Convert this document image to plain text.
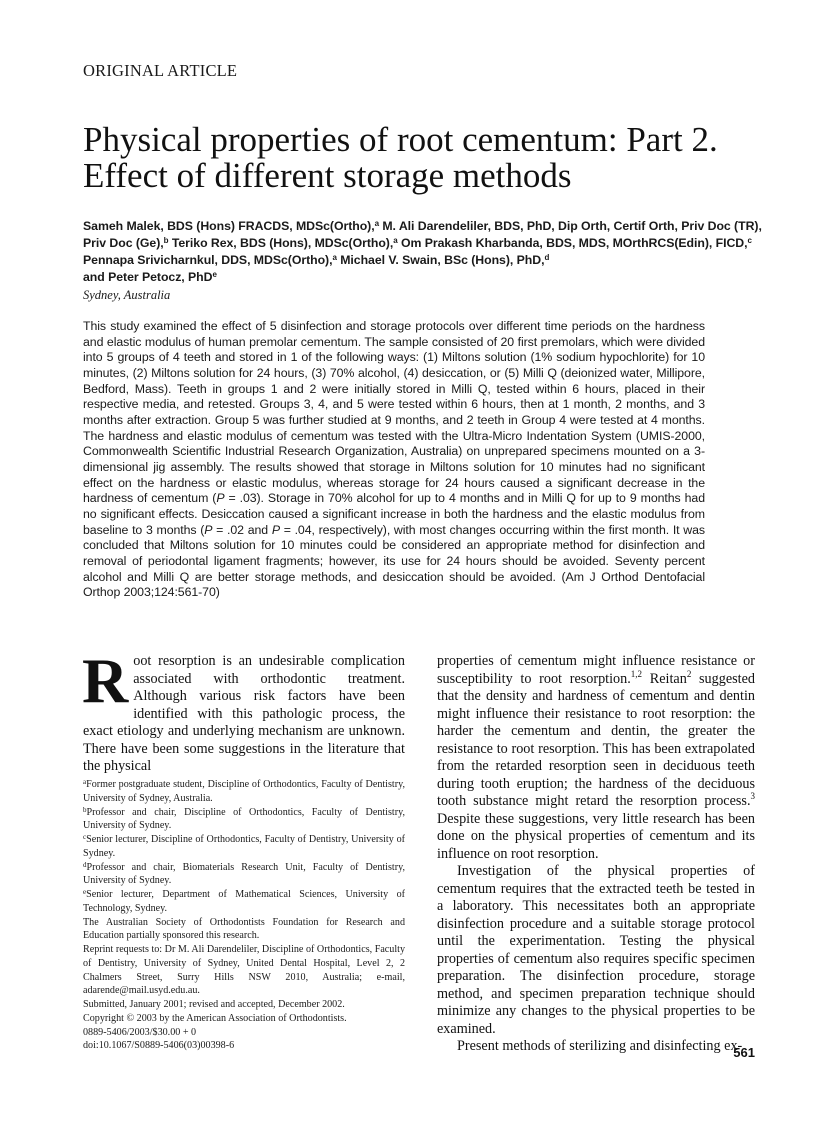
ORIGINAL ARTICLE
Physical properties of root cementum: Part 2.
Effect of different storage methods
Sameh Malek, BDS (Hons) FRACDS, MDSc(Ortho),$^a$ M. Ali Darendeliler, BDS, PhD, Dip Orth, Certif Orth, Priv Doc (TR), Priv Doc (Ge),$^b$ Teriko Rex, BDS (Hons), MDSc(Ortho),$^a$ Om Prakash Kharbanda, BDS, MDS, MOrthRCS(Edin), FICD,$^c$ Pennapa Srivicharnkul, DDS, MDSc(Ortho),$^a$ Michael V. Swain, BSc (Hons), PhD,$^d$
and Peter Petocz, PhD$^e$
Sydney, Australia
This study examined the effect of 5 disinfection and storage protocols over different time periods on the hardness and elastic modulus of human premolar cementum. The sample consisted of 20 first premolars, which were divided into 5 groups of 4 teeth and stored in 1 of the following ways: (1) Miltons solution (1% sodium hypochlorite) for 10 minutes, (2) Miltons solution for 24 hours, (3) 70% alcohol, (4) desiccation, or (5) Milli Q (deionized water, Millipore, Bedford, Mass). Teeth in groups 1 and 2 were initially stored in Milli Q, tested within 6 hours, placed in their respective media, and retested. Groups 3, 4, and 5 were tested within 6 hours, then at 1 month, 2 months, and 3 months after extraction. Group 5 was further studied at 9 months, and 2 teeth in Group 4 were tested at 4 months. The hardness and elastic modulus of cementum was tested with the Ultra-Micro Indentation System (UMIS-2000, Commonwealth Scientific Industrial Research Organization, Australia) on unprepared specimens mounted on a 3-dimensional jig assembly. The results showed that storage in Miltons solution for 10 minutes had no significant effect on the hardness or elastic modulus, whereas storage for 24 hours caused a significant decrease in the hardness of cementum (P = .03). Storage in 70% alcohol for up to 4 months and in Milli Q for up to 9 months had no significant effects. Desiccation caused a significant increase in both the hardness and the elastic modulus from baseline to 3 months (P = .02 and P = .04, respectively), with most changes occurring within the first month. It was concluded that Miltons solution for 10 minutes could be considered an appropriate method for disinfection and removal of periodontal ligament fragments; however, its use for 24 hours should be avoided. Seventy percent alcohol and Milli Q are better storage methods, and desiccation should be avoided. (Am J Orthod Dentofacial Orthop 2003;124:561-70)

Root resorption is an undesirable complication associated with orthodontic treatment. Although various risk factors have been identified with this pathologic process, the exact etiology and underlying mechanism are unknown. There have been some suggestions in the literature that the physical

$^a$Former postgraduate student, Discipline of Orthodontics, Faculty of Dentistry, University of Sydney, Australia.

$^b$Professor and chair, Discipline of Orthodontics, Faculty of Dentistry, University of Sydney.

$^c$Senior lecturer, Discipline of Orthodontics, Faculty of Dentistry, University of Sydney.

$^d$Professor and chair, Biomaterials Research Unit, Faculty of Dentistry, University of Sydney.

$^e$Senior lecturer, Department of Mathematical Sciences, University of Technology, Sydney.

The Australian Society of Orthodontists Foundation for Research and Education partially sponsored this research.

Reprint requests to: Dr M. Ali Darendeliler, Discipline of Orthodontics, Faculty of Dentistry, University of Sydney, United Dental Hospital, Level 2, 2 Chalmers Street, Surry Hills NSW 2010, Australia; e-mail, adarende@mail.usyd.edu.au.

Submitted, January 2001; revised and accepted, December 2002.

Copyright © 2003 by the American Association of Orthodontists.

0889-5406/2003/$30.00 + 0

doi:10.1067/S0889-5406(03)00398-6

properties of cementum might influence resistance or susceptibility to root resorption.$^{1,2}$ Reitan$^2$ suggested that the density and hardness of cementum and dentin might influence their resistance to root resorption: the harder the cementum and dentin, the greater the resistance to root resorption. This has been extrapolated from the retarded resorption seen in deciduous teeth during tooth eruption; the hardness of the deciduous tooth substance might retard the resorption process.$^3$ Despite these suggestions, very little research has been done on the physical properties of cementum and its influence on root resorption.

Investigation of the physical properties of cementum requires that the extracted teeth be tested in a laboratory. This necessitates both an appropriate disinfection procedure and a suitable storage protocol until the experimentation. Testing the physical properties of cementum also requires specific specimen preparation. The disinfection procedure, storage method, and specimen preparation technique should minimize any changes to the physical properties to be examined.

Present methods of sterilizing and disinfecting ex-

561
